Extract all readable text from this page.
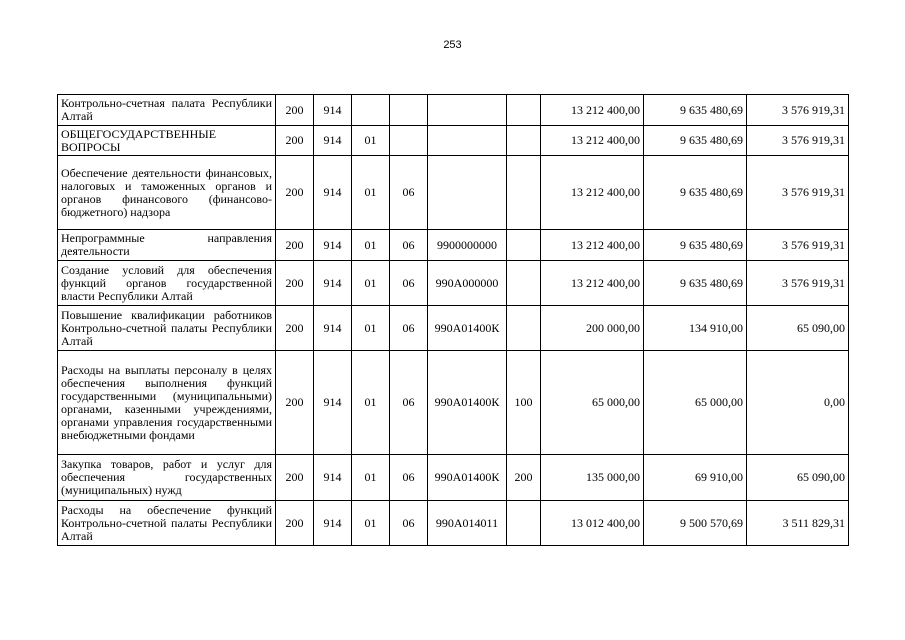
253
Контрольно-счетная палата Республики Алтай	200	914					13 212 400,00	9 635 480,69	3 576 919,31
ОБЩЕГОСУДАРСТВЕННЫЕ ВОПРОСЫ	200	914	01				13 212 400,00	9 635 480,69	3 576 919,31
Обеспечение деятельности финансовых, налоговых и таможенных органов и органов финансового (финансово-бюджетного) надзора	200	914	01	06			13 212 400,00	9 635 480,69	3 576 919,31
Непрограммные направления деятельности	200	914	01	06	9900000000		13 212 400,00	9 635 480,69	3 576 919,31
Создание условий для обеспечения функций органов государственной власти Республики Алтай	200	914	01	06	990А000000		13 212 400,00	9 635 480,69	3 576 919,31
Повышение квалификации работников Контрольно-счетной палаты Республики Алтай	200	914	01	06	990А01400К		200 000,00	134 910,00	65 090,00
Расходы на выплаты персоналу в целях обеспечения выполнения функций государственными (муниципальными) органами, казенными учреждениями, органами управления государственными внебюджетными фондами	200	914	01	06	990А01400К	100	65 000,00	65 000,00	0,00
Закупка товаров, работ и услуг для обеспечения государственных (муниципальных) нужд	200	914	01	06	990А01400К	200	135 000,00	69 910,00	65 090,00
Расходы на обеспечение функций Контрольно-счетной палаты Республики Алтай	200	914	01	06	990А014011		13 012 400,00	9 500 570,69	3 511 829,31
